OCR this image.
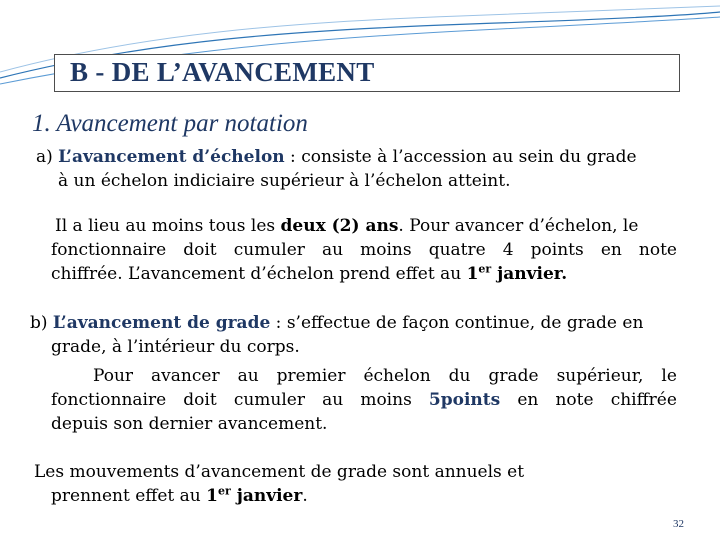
B - DE L’AVANCEMENT
1. Avancement par notation
a) L’avancement d’échelon : consiste à l’accession au sein du grade
à un échelon indiciaire supérieur à l’échelon atteint.
Il a lieu au moins tous les deux (2) ans. Pour avancer d’échelon, le
fonctionnaire doit cumuler au moins quatre 4 points en note
chiffrée. L’avancement d’échelon prend effet au 1er janvier.
b) L’avancement de grade : s’effectue de façon continue, de grade en
grade, à l’intérieur du corps.
Pour avancer au premier échelon du grade supérieur, le
fonctionnaire doit cumuler au moins 5points en note chiffrée
depuis son dernier avancement.
Les mouvements d’avancement de grade sont annuels et
prennent effet au 1er janvier.
32
